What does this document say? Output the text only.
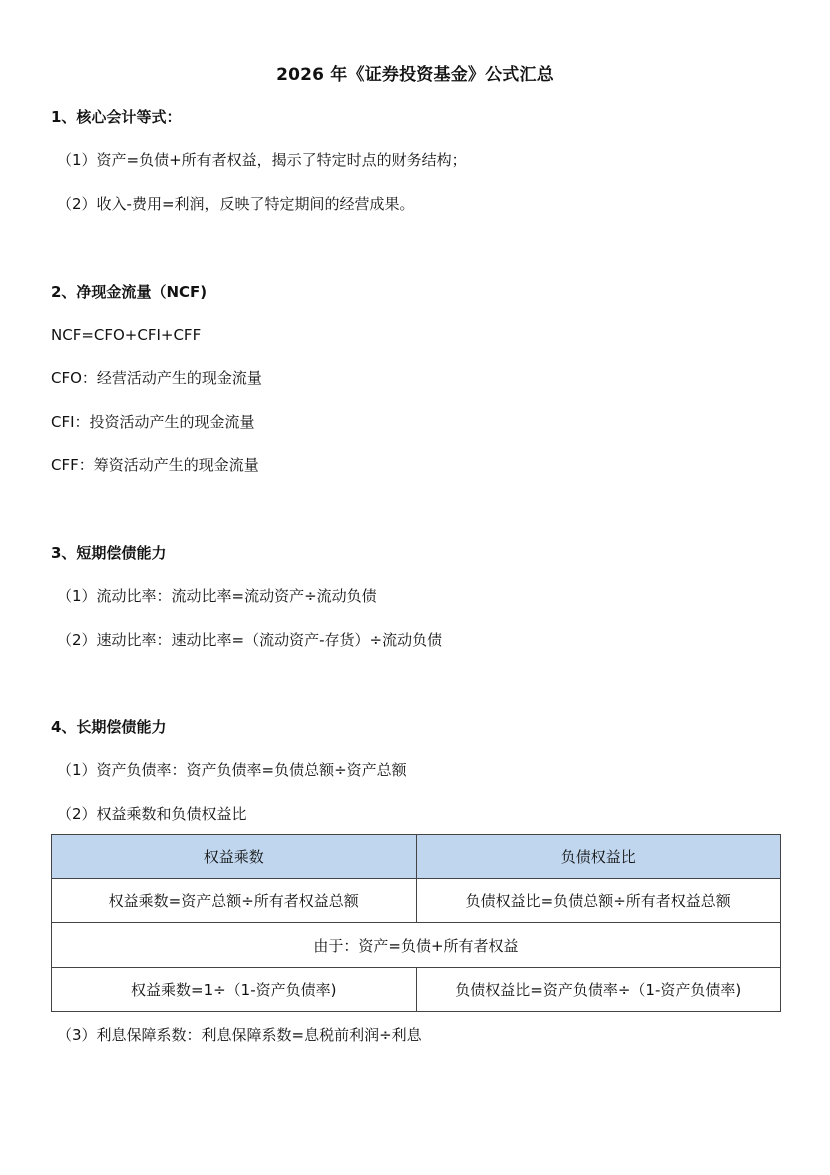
2026 年《证券投资基金》公式汇总
1、核心会计等式：
（1）资产=负债+所有者权益，揭示了特定时点的财务结构；
（2）收入-费用=利润，反映了特定期间的经营成果。
2、净现金流量（NCF)
NCF=CFO+CFI+CFF
CFO：经营活动产生的现金流量
CFI：投资活动产生的现金流量
CFF：筹资活动产生的现金流量
3、短期偿债能力
（1）流动比率：流动比率=流动资产÷流动负债
（2）速动比率：速动比率=（流动资产-存货）÷流动负债
4、长期偿债能力
（1）资产负债率：资产负债率=负债总额÷资产总额
（2）权益乘数和负债权益比
权益乘数	负债权益比
权益乘数=资产总额÷所有者权益总额	负债权益比=负债总额÷所有者权益总额
由于：资产=负债+所有者权益	
权益乘数=1÷（1-资产负债率)	负债权益比=资产负债率÷（1-资产负债率)
（3）利息保障系数：利息保障系数=息税前利润÷利息
